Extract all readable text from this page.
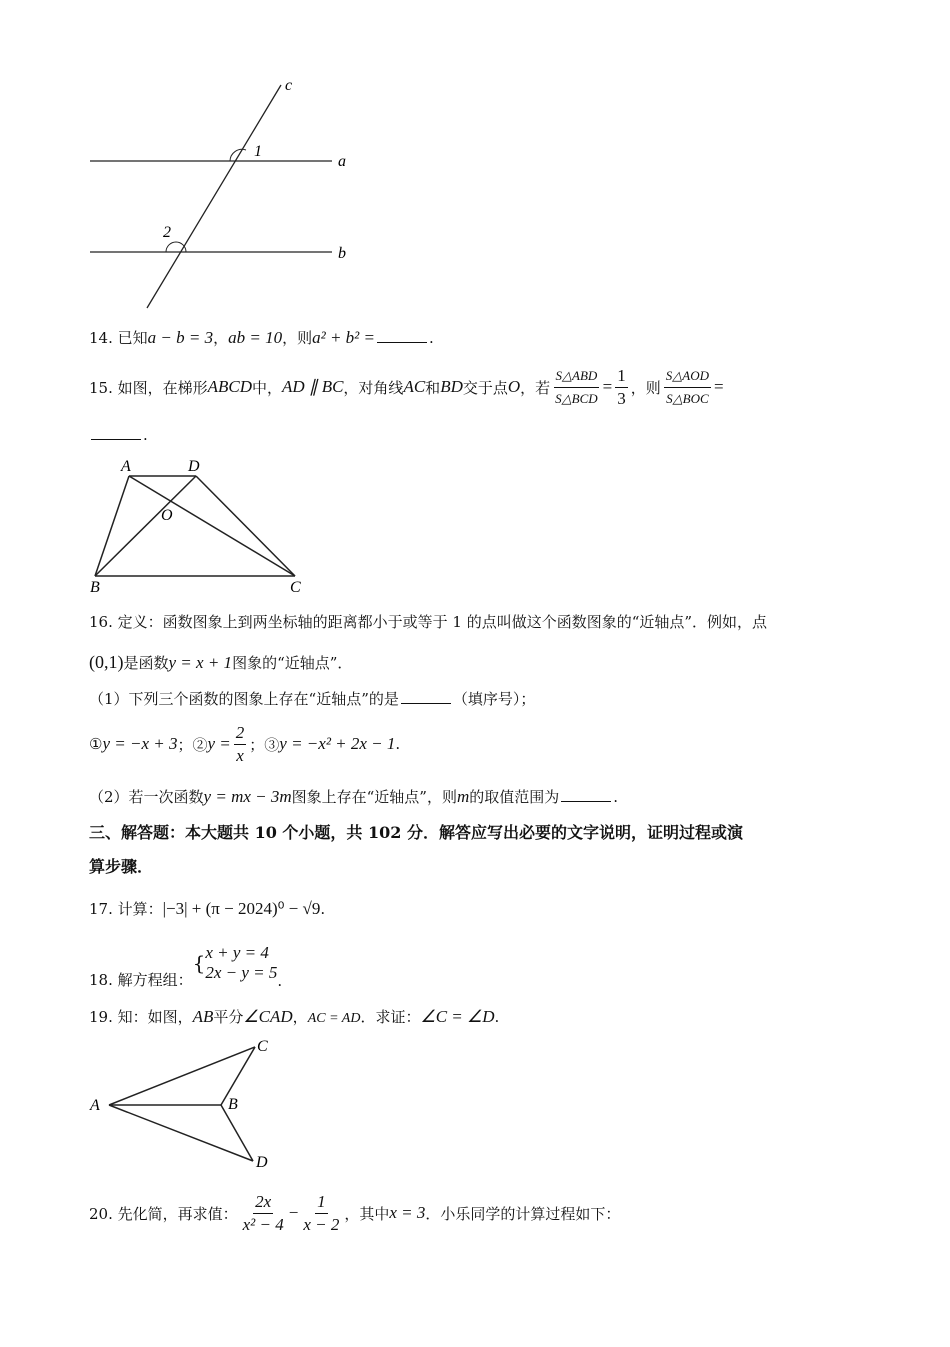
c
a
b
1
2
14. 已知a − b = 3，ab = 10，则a² + b² =	.
15. 如图，在梯形 ABCD 中， AD ∥ BC ，对角线 AC 和 BD 交于点 O ，若 $\frac{\text{S△ABD}}{\text{S△BCD}} = \frac{1}{3}$ ，则 $\frac{\text{S△AOD}}{\text{S△BOC}}$ =
.
A	D
O
B	C
16. 定义：函数图象上到两坐标轴的距离都小于或等于 1 的点叫做这个函数图象的“近轴点”．例如，点
(0,1)是函数y = x + 1图象的“近轴点”．
（1）下列三个函数的图象上存在“近轴点”的是	（填序号）；
① y = −x + 3 ；② $y = \frac{2}{x}$ ；③ y = −x² + 2x − 1 .
（2）若一次函数y = mx − 3m图象上存在“近轴点”，则m的取值范围为	.
三、解答题：本大题共 10 个小题，共 102 分．解答应写出必要的文字说明，证明过程或演
算步骤．
17. 计算：|−3| + (π − 2024)⁰ − √9.
18. 解方程组：
{ x + y = 4
2x − y = 5 .
19. 知：如图，AB平分∠CAD，AC = AD．求证：∠C = ∠D.
A	B
C
D
20. 先化简，再求值： $\frac{2x}{\text{x² − 4}} - \frac{1}{x - 2}$ ，其中 x = 3 ．小乐同学的计算过程如下：
